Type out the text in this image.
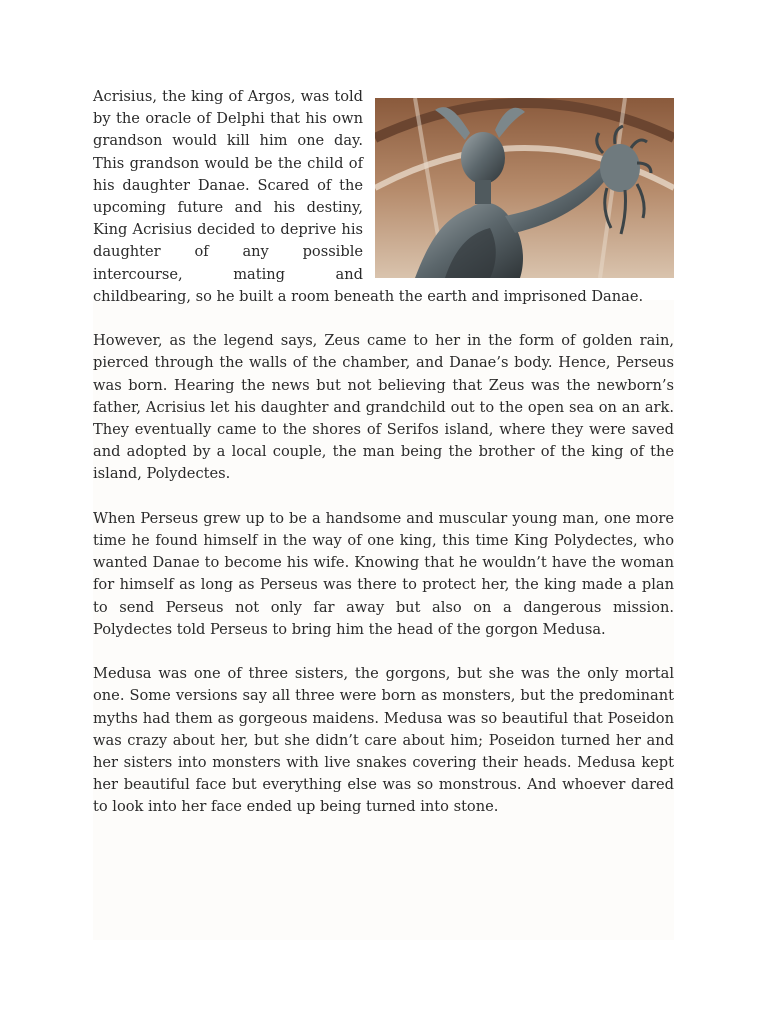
Acrisius, the king of Argos, was told by the oracle of Delphi that his own grandson would kill him one day. This grandson would be the child of his daughter Danae. Scared of the upcoming future and his destiny, King Acrisius decided to deprive his daughter of any possible intercourse, mating and childbearing, so he built a room beneath the earth and imprisoned Danae.

However, as the legend says, Zeus came to her in the form of golden rain, pierced through the walls of the chamber, and Danae’s body. Hence, Perseus was born. Hearing the news but not believing that Zeus was the newborn’s father, Acrisius let his daughter and grandchild out to the open sea on an ark. They eventually came to the shores of Serifos island, where they were saved and adopted by a local couple, the man being the brother of the king of the island, Polydectes.

When Perseus grew up to be a handsome and muscular young man, one more time he found himself in the way of one king, this time King Polydectes, who wanted Danae to become his wife. Knowing that he wouldn’t have the woman for himself as long as Perseus was there to protect her, the king made a plan to send Perseus not only far away but also on a dangerous mission. Polydectes told Perseus to bring him the head of the gorgon Medusa.

Medusa was one of three sisters, the gorgons, but she was the only mortal one. Some versions say all three were born as monsters, but the predominant myths had them as gorgeous maidens. Medusa was so beautiful that Poseidon was crazy about her, but she didn’t care about him; Poseidon turned her and her sisters into monsters with live snakes covering their heads. Medusa kept her beautiful face but everything else was so monstrous. And whoever dared to look into her face ended up being turned into stone.
